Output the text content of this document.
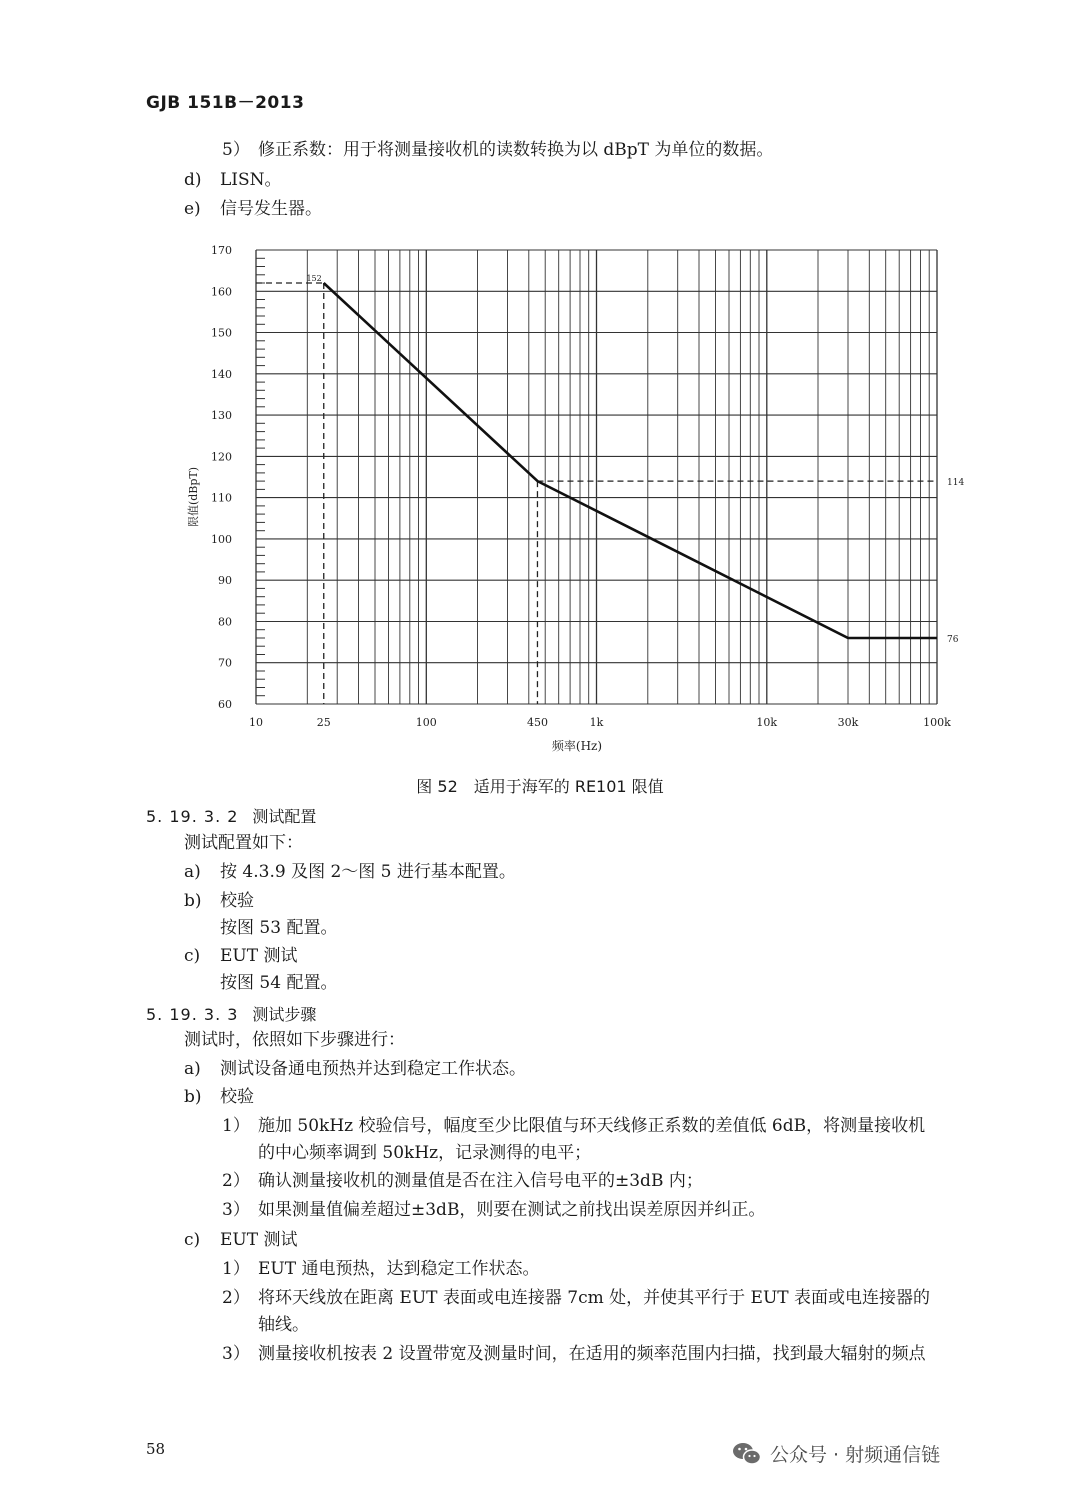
GJB 151B－2013
5） 修正系数：用于将测量接收机的读数转换为以 dBpT 为单位的数据。
d) LISN。
e) 信号发生器。
170
160
150
140
130
120
110
100
90
80
70
60
10	25	100	450	1k	10k	30k	100k
152
114
76
频率(Hz)
限值(dBpT)
图 52　适用于海军的 RE101 限值
5. 19. 3. 2 测试配置
测试配置如下：
a) 按 4.3.9 及图 2～图 5 进行基本配置。
b) 校验
按图 53 配置。
c) EUT 测试
按图 54 配置。
5. 19. 3. 3 测试步骤
测试时，依照如下步骤进行：
a) 测试设备通电预热并达到稳定工作状态。
b) 校验
1） 施加 50kHz 校验信号，幅度至少比限值与环天线修正系数的差值低 6dB，将测量接收机
的中心频率调到 50kHz，记录测得的电平；
2） 确认测量接收机的测量值是否在注入信号电平的±3dB 内；
3） 如果测量值偏差超过±3dB，则要在测试之前找出误差原因并纠正。
c) EUT 测试
1） EUT 通电预热，达到稳定工作状态。
2） 将环天线放在距离 EUT 表面或电连接器 7cm 处，并使其平行于 EUT 表面或电连接器的
轴线。
3） 测量接收机按表 2 设置带宽及测量时间，在适用的频率范围内扫描，找到最大辐射的频点
58	公众号 · 射频通信链
